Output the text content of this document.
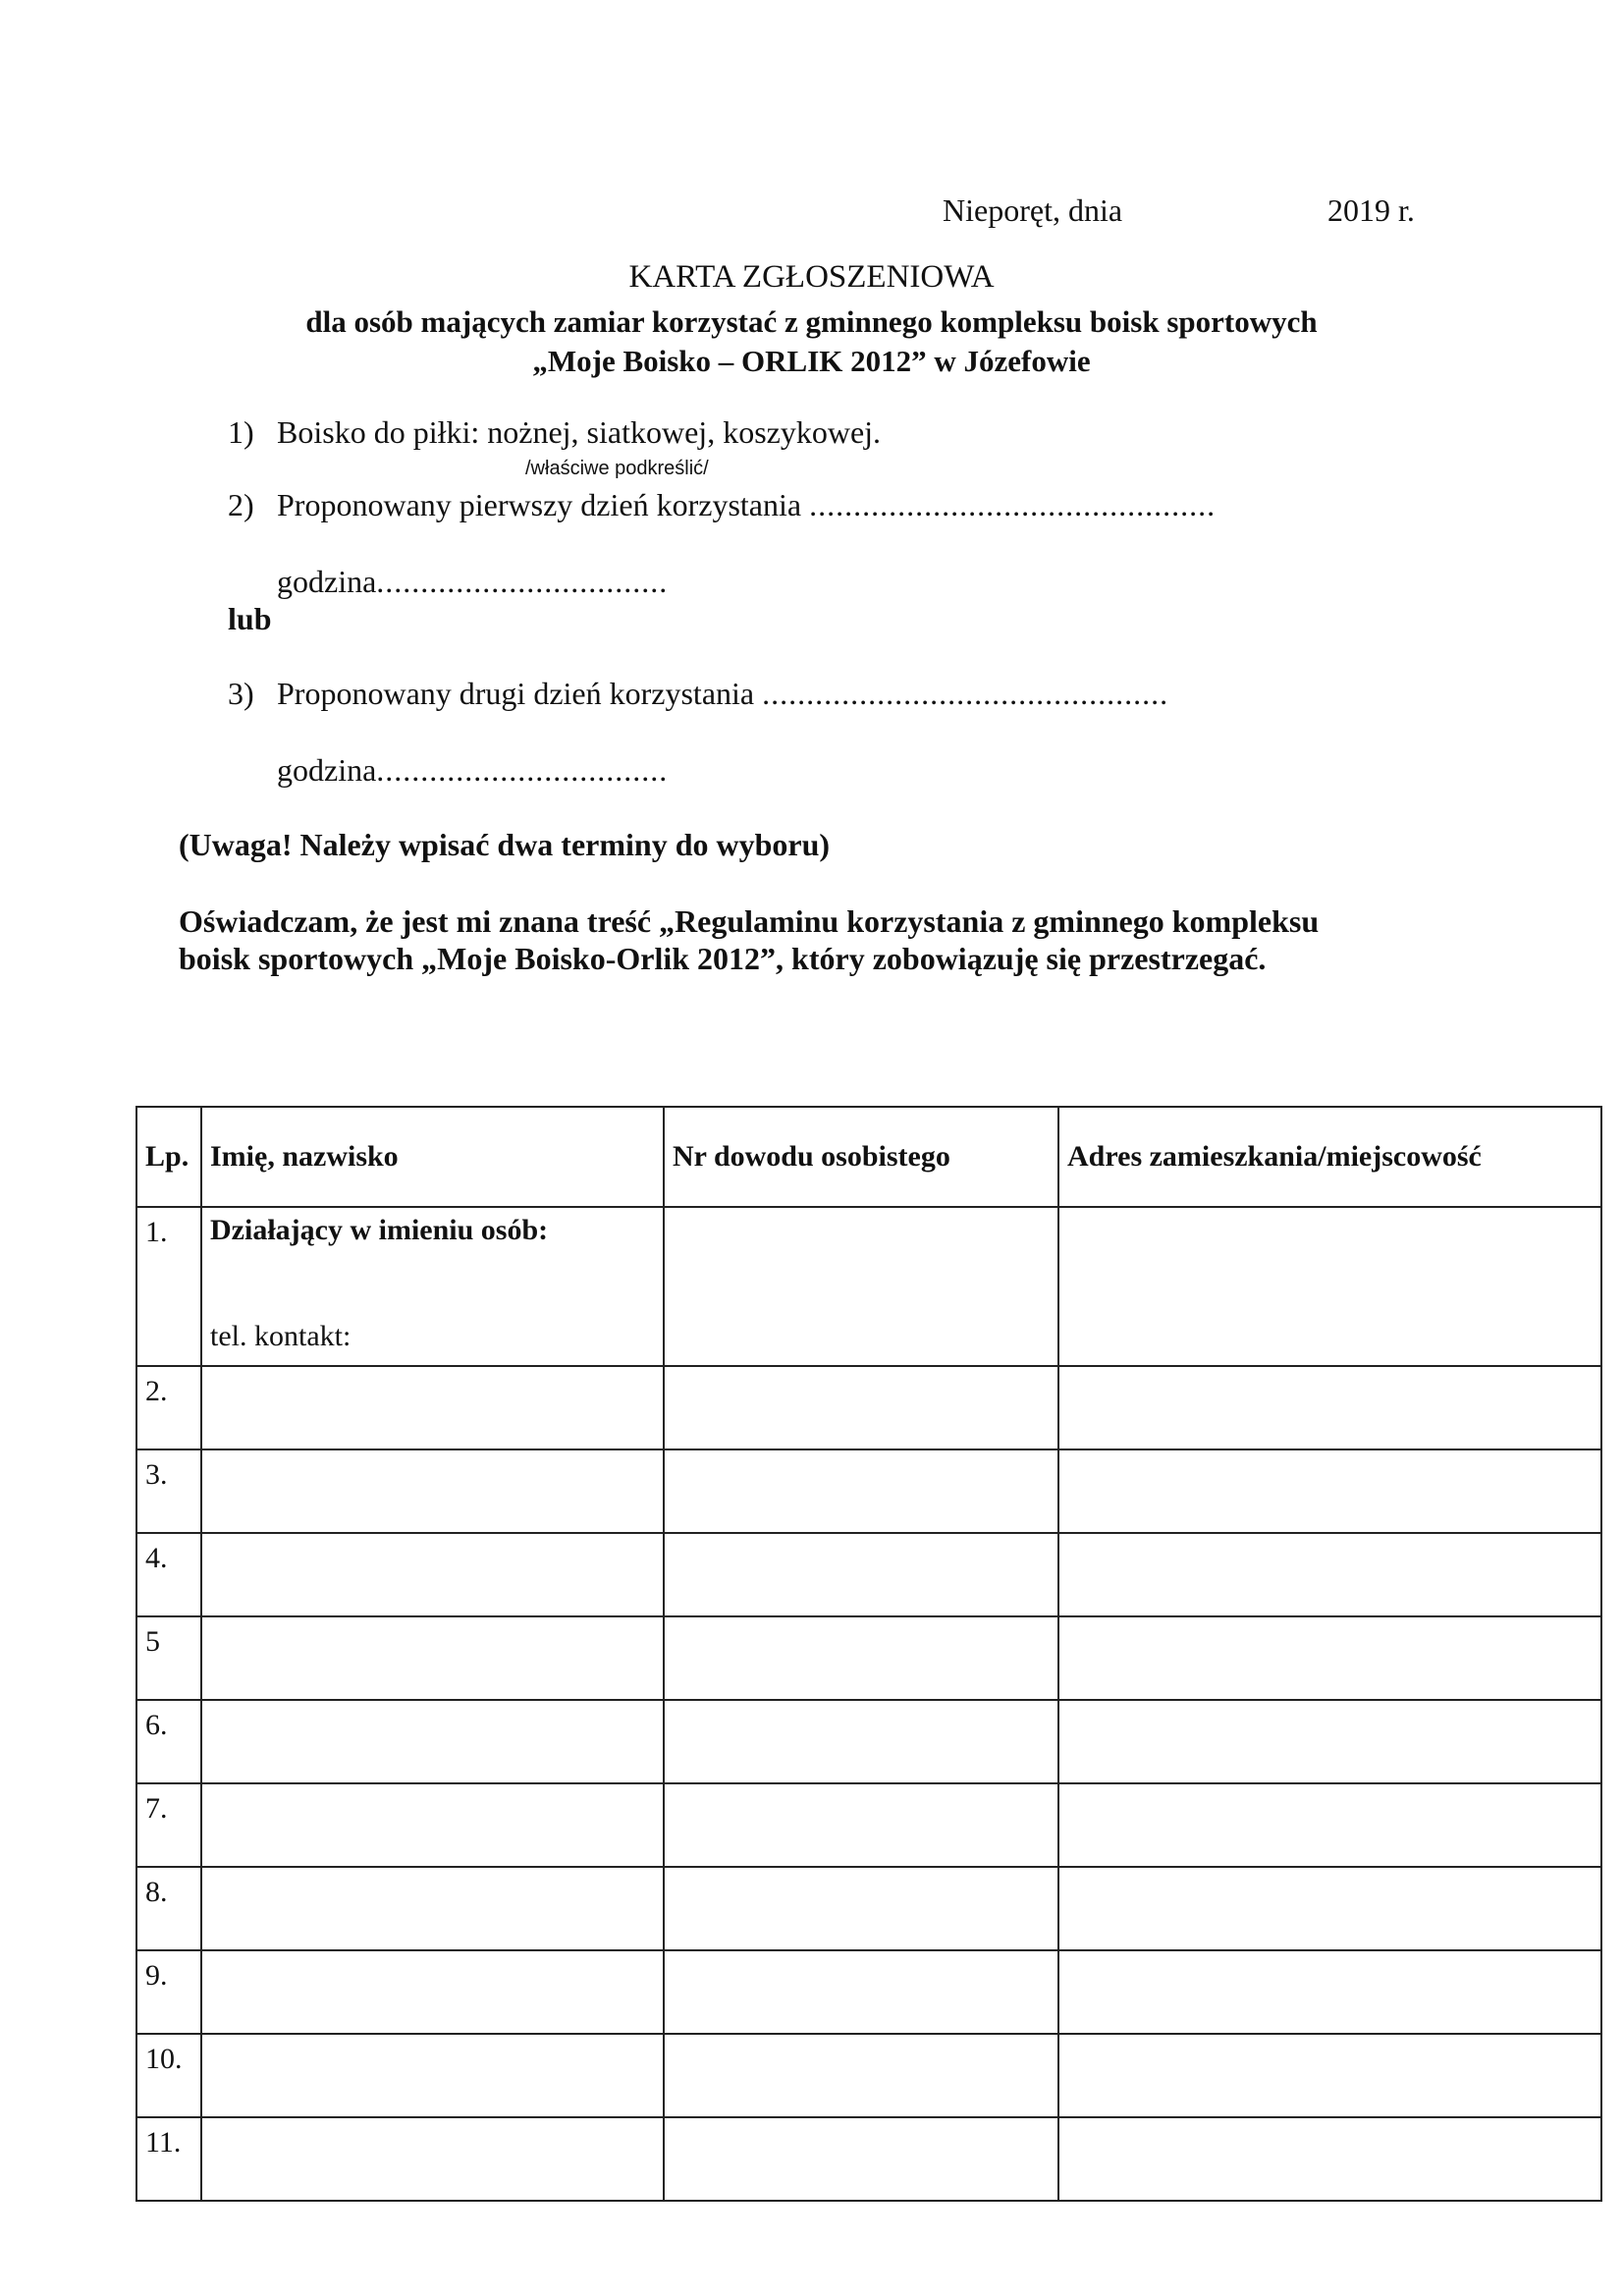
Nieporęt, dnia	2019 r.
KARTA ZGŁOSZENIOWA
dla osób mających zamiar korzystać z gminnego kompleksu boisk sportowych
„Moje Boisko – ORLIK 2012” w Józefowie
1) Boisko do piłki: nożnej, siatkowej, koszykowej.
/właściwe podkreślić/
2) Proponowany pierwszy dzień korzystania ..............................................
godzina.................................
lub
3) Proponowany drugi dzień korzystania ..............................................
godzina.................................
(Uwaga! Należy wpisać dwa terminy do wyboru)
Oświadczam, że jest mi znana treść „Regulaminu korzystania z gminnego kompleksu
boisk sportowych „Moje Boisko-Orlik 2012”, który zobowiązuję się przestrzegać.
Lp.	Imię, nazwisko	Nr dowodu osobistego	Adres zamieszkania/miejscowość
1.	Działający w imieniu osób:
tel. kontakt:		

2.			
3.			
4.			
5			
6.			
7.			
8.			
9.			
10.			
11.			
